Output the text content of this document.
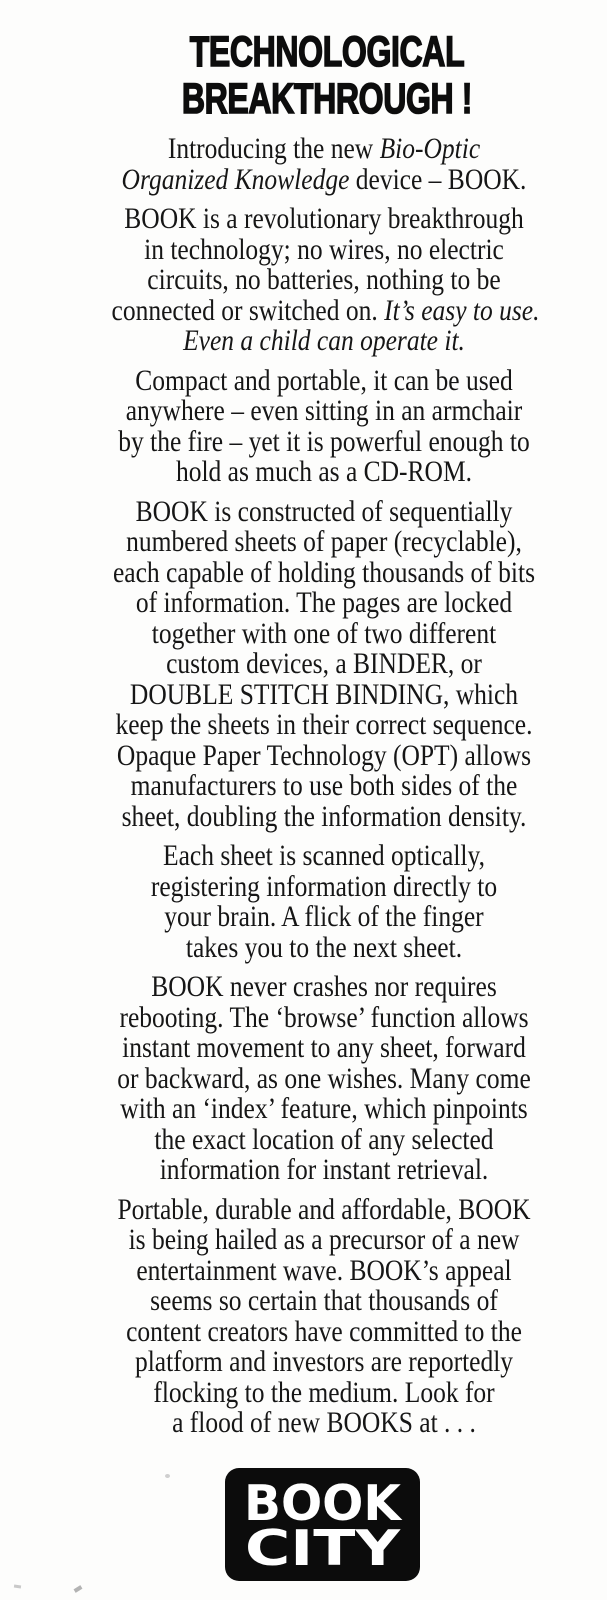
TECHNOLOGICAL
BREAKTHROUGH !
Introducing the new Bio-Optic
Organized Knowledge device – BOOK.
BOOK is a revolutionary breakthrough
in technology; no wires, no electric
circuits, no batteries, nothing to be
connected or switched on. It’s easy to use.
Even a child can operate it.
Compact and portable, it can be used
anywhere – even sitting in an armchair
by the fire – yet it is powerful enough to
hold as much as a CD-ROM.
BOOK is constructed of sequentially
numbered sheets of paper (recyclable),
each capable of holding thousands of bits
of information. The pages are locked
together with one of two different
custom devices, a BINDER, or
DOUBLE STITCH BINDING, which
keep the sheets in their correct sequence.
Opaque Paper Technology (OPT) allows
manufacturers to use both sides of the
sheet, doubling the information density.
Each sheet is scanned optically,
registering information directly to
your brain. A flick of the finger
takes you to the next sheet.
BOOK never crashes nor requires
rebooting. The ‘browse’ function allows
instant movement to any sheet, forward
or backward, as one wishes. Many come
with an ‘index’ feature, which pinpoints
the exact location of any selected
information for instant retrieval.
Portable, durable and affordable, BOOK
is being hailed as a precursor of a new
entertainment wave. BOOK’s appeal
seems so certain that thousands of
content creators have committed to the
platform and investors are reportedly
flocking to the medium. Look for
a flood of new BOOKS at . . .
BOOK
CITY
